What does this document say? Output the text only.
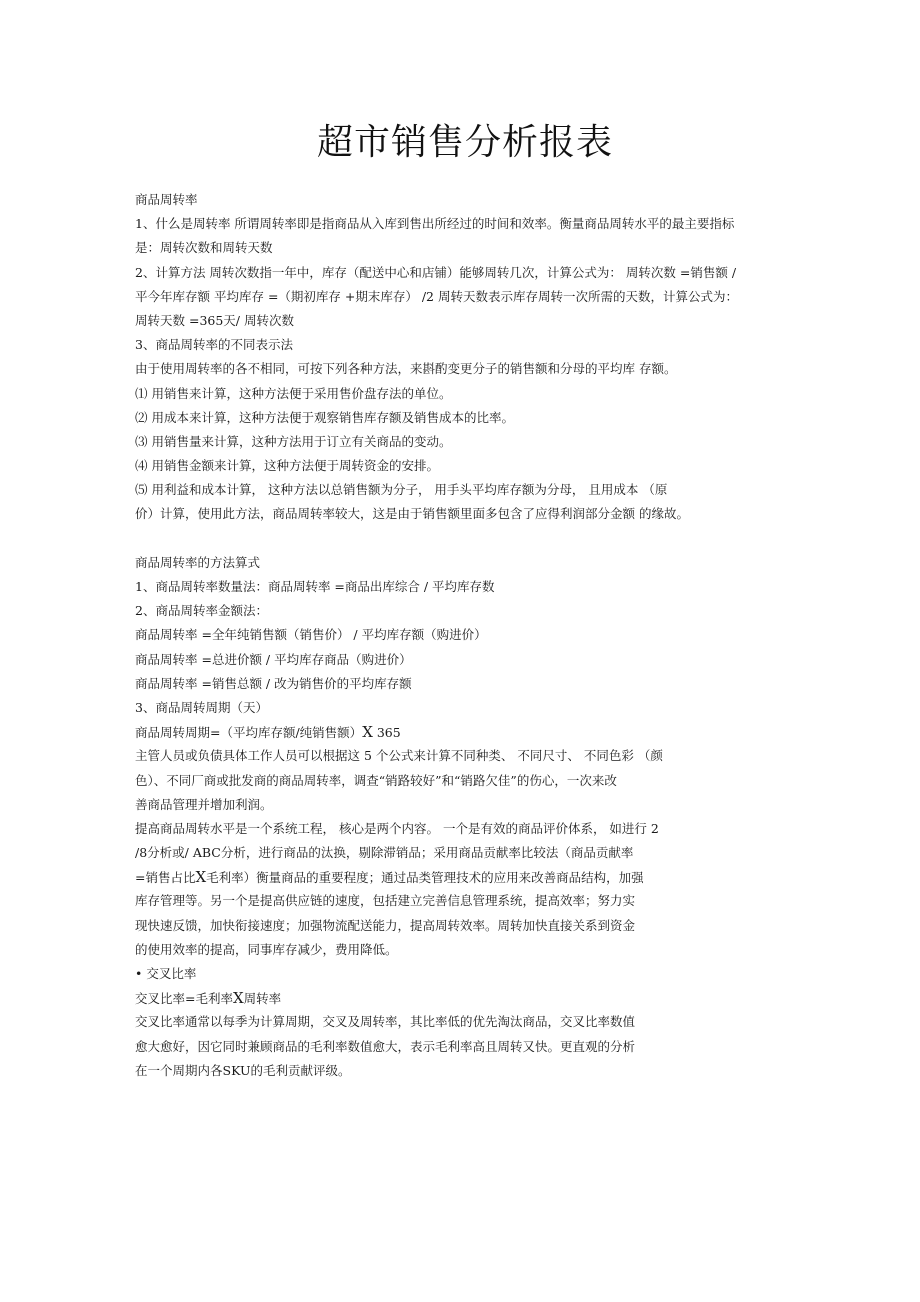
超市销售分析报表
商品周转率
1、什么是周转率 所谓周转率即是指商品从入库到售出所经过的时间和效率。衡量商品周转水平的最主要指标
是：周转次数和周转天数
2、计算方法 周转次数指一年中，库存（配送中心和店铺）能够周转几次，计算公式为： 周转次数 =销售额 /
平今年库存额 平均库存 =（期初库存 +期末库存） /2 周转天数表示库存周转一次所需的天数，计算公式为：
周转天数 =365天/ 周转次数
3、商品周转率的不同表示法
由于使用周转率的各不相同，可按下列各种方法，来斟酌变更分子的销售额和分母的平均库 存额。
⑴ 用销售来计算，这种方法便于采用售价盘存法的单位。
⑵ 用成本来计算，这种方法便于观察销售库存额及销售成本的比率。
⑶ 用销售量来计算，这种方法用于订立有关商品的变动。
⑷ 用销售金额来计算，这种方法便于周转资金的安排。
⑸ 用利益和成本计算， 这种方法以总销售额为分子， 用手头平均库存额为分母， 且用成本 （原
价）计算，使用此方法，商品周转率较大，这是由于销售额里面多包含了应得利润部分金额 的缘故。
商品周转率的方法算式
1、商品周转率数量法：商品周转率 =商品出库综合 / 平均库存数
2、商品周转率金额法：
商品周转率 =全年纯销售额（销售价） / 平均库存额（购进价）
商品周转率 =总进价额 / 平均库存商品（购进价）
商品周转率 =销售总额 / 改为销售价的平均库存额
3、商品周转周期（天）
商品周转周期=（平均库存额/纯销售额）X 365
主管人员或负债具体工作人员可以根据这 5 个公式来计算不同种类、 不同尺寸、 不同色彩 （颜
色）、不同厂商或批发商的商品周转率，调查“销路较好”和“销路欠佳”的伤心，一次来改
善商品管理并增加利润。
提高商品周转水平是一个系统工程， 核心是两个内容。 一个是有效的商品评价体系， 如进行 2
/8分析或/ ABC分析，进行商品的汰换，剔除滞销品；采用商品贡献率比较法（商品贡献率
=销售占比X毛利率）衡量商品的重要程度；通过品类管理技术的应用来改善商品结构，加强
库存管理等。另一个是提高供应链的速度，包括建立完善信息管理系统，提高效率；努力实
现快速反馈，加快衔接速度；加强物流配送能力，提高周转效率。周转加快直接关系到资金
的使用效率的提高，同事库存减少，费用降低。
• 交叉比率
交叉比率=毛利率X周转率
交叉比率通常以每季为计算周期，交叉及周转率，其比率低的优先淘汰商品，交叉比率数值
愈大愈好，因它同时兼顾商品的毛利率数值愈大，表示毛利率高且周转又快。更直观的分析
在一个周期内各SKU的毛利贡献评级。
